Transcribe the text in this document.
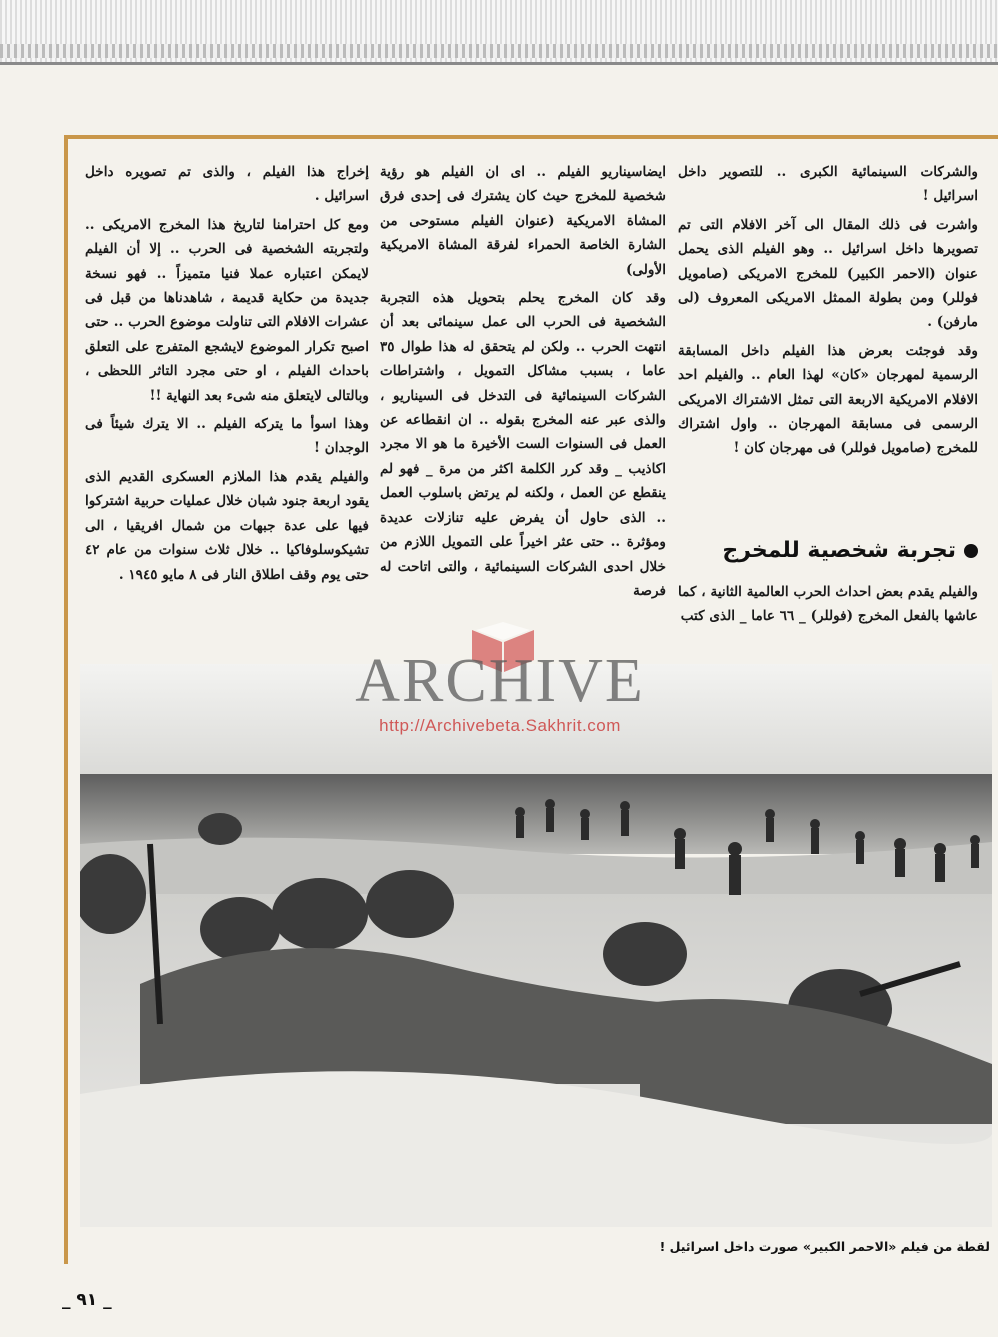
والشركات السينمائية الكبرى .. للتصوير داخل اسرائيل !

واشرت فى ذلك المقال الى آخر الافلام التى تم تصويرها داخل اسرائيل .. وهو الفيلم الذى يحمل عنوان (الاحمر الكبير) للمخرج الامريكى (صامويل فوللر) ومن بطولة الممثل الامريكى المعروف (لى مارفن) .

وقد فوجئت بعرض هذا الفيلم داخل المسابقة الرسمية لمهرجان «كان» لهذا العام .. والفيلم احد الافلام الامريكية الاربعة التى تمثل الاشتراك الامريكى الرسمى فى مسابقة المهرجان .. واول اشتراك للمخرج (صامويل فوللر) فى مهرجان كان !

تجربة شخصية للمخرج

والفيلم يقدم بعض احداث الحرب العالمية الثانية ، كما عاشها بالفعل المخرج (فوللر) _ ٦٦ عاما _ الذى كتب

ايضاسيناريو الفيلم .. اى ان الفيلم هو رؤية شخصية للمخرج حيث كان يشترك فى إحدى فرق المشاة الامريكية (عنوان الفيلم مستوحى من الشارة الخاصة الحمراء لفرقة المشاة الامريكية الأولى)

وقد كان المخرج يحلم بتحويل هذه التجربة الشخصية فى الحرب الى عمل سينمائى بعد أن انتهت الحرب .. ولكن لم يتحقق له هذا طوال ٣٥ عاما ، بسبب مشاكل التمويل ، واشتراطات الشركات السينمائية فى التدخل فى السيناريو ، والذى عبر عنه المخرج بقوله .. ان انقطاعه عن العمل فى السنوات الست الأخيرة ما هو الا مجرد اكاذيب _ وقد كرر الكلمة اكثر من مرة _ فهو لم ينقطع عن العمل ، ولكنه لم يرتض باسلوب العمل .. الذى حاول أن يفرض عليه تنازلات عديدة ومؤثرة .. حتى عثر اخيراً على التمويل اللازم من خلال احدى الشركات السينمائية ، والتى اتاحت له فرصة

إخراج هذا الفيلم ، والذى تم تصويره داخل اسرائيل .

ومع كل احترامنا لتاريخ هذا المخرج الامريكى .. ولتجربته الشخصية فى الحرب .. إلا أن الفيلم لايمكن اعتباره عملا فنيا متميزاً .. فهو نسخة جديدة من حكاية قديمة ، شاهدناها من قبل فى عشرات الافلام التى تناولت موضوع الحرب .. حتى اصبح تكرار الموضوع لايشجع المتفرج على التعلق باحداث الفيلم ، او حتى مجرد التاثر اللحظى ، وبالتالى لايتعلق منه شىء بعد النهاية !!

وهذا اسوأ ما يتركه الفيلم .. الا يترك شيئاً فى الوجدان !

والفيلم يقدم هذا الملازم العسكرى القديم الذى يقود اربعة جنود شبان خلال عمليات حربية اشتركوا فيها على عدة جبهات من شمال افريقيا ، الى تشيكوسلوفاكيا .. خلال ثلاث سنوات من عام ٤٢ حتى يوم وقف اطلاق النار فى ٨ مايو ١٩٤٥ .

ARCHIVE
http://Archivebeta.Sakhrit.com
لقطة من فيلم «الاحمر الكبير» صورت داخل اسرائيل !
_ ٩١ _
